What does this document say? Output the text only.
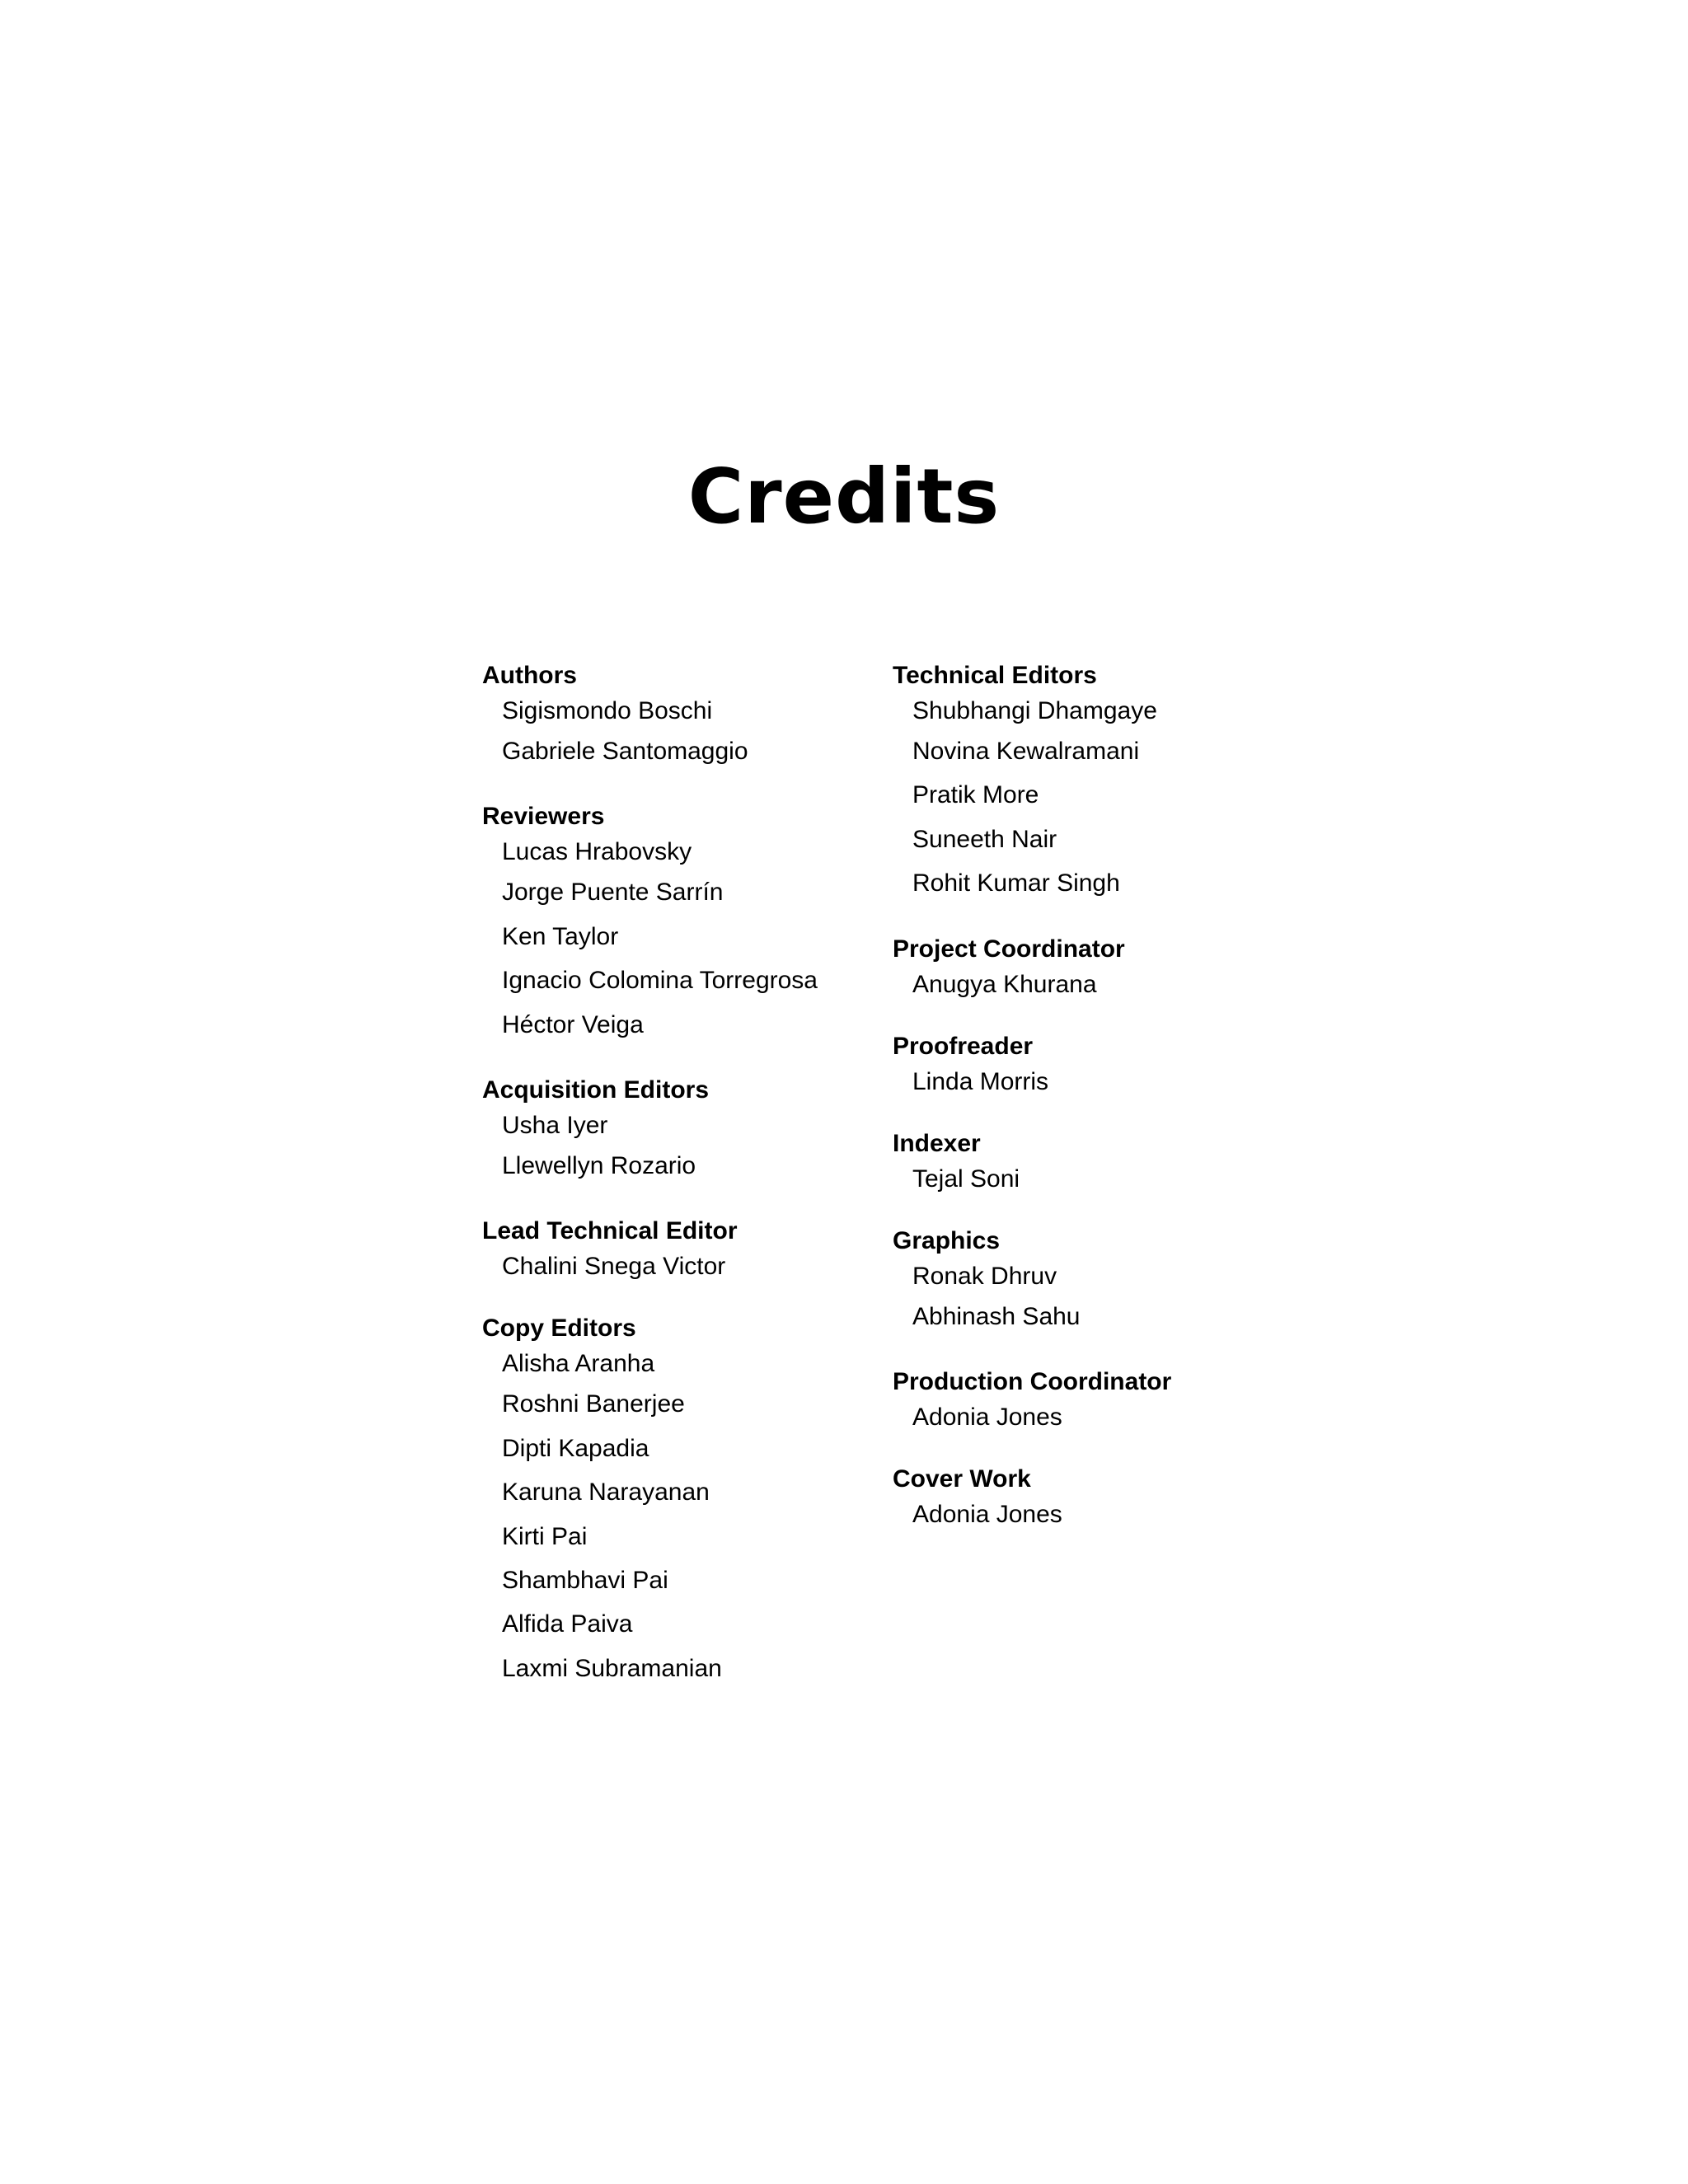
Credits
Authors
Sigismondo Boschi
Gabriele Santomaggio
Reviewers
Lucas Hrabovsky
Jorge Puente Sarrín
Ken Taylor
Ignacio Colomina Torregrosa
Héctor Veiga
Acquisition Editors
Usha Iyer
Llewellyn Rozario
Lead Technical Editor
Chalini Snega Victor
Copy Editors
Alisha Aranha
Roshni Banerjee
Dipti Kapadia
Karuna Narayanan
Kirti Pai
Shambhavi Pai
Alfida Paiva
Laxmi Subramanian
Technical Editors
Shubhangi Dhamgaye
Novina Kewalramani
Pratik More
Suneeth Nair
Rohit Kumar Singh
Project Coordinator
Anugya Khurana
Proofreader
Linda Morris
Indexer
Tejal Soni
Graphics
Ronak Dhruv
Abhinash Sahu
Production Coordinator
Adonia Jones
Cover Work
Adonia Jones
